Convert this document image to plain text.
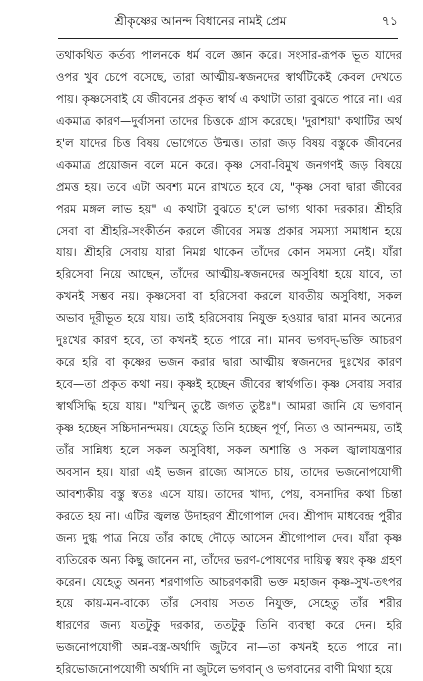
শ্রীকৃষ্ণের আনন্দ বিধানের নামই প্রেম	৭১
তথাকথিত কর্তব্য পালনকে ধর্ম বলে জ্ঞান করে। সংসার-রূপক ভূত যাদের
ওপর খুব চেপে বসেছে, তারা আত্মীয়-স্বজনদের স্বার্থটিকেই কেবল দেখতে
পায়। কৃষ্ণসেবাই যে জীবনের প্রকৃত স্বার্থ এ কথাটা তারা বুঝতে পারে না। এর
একমাত্র কারণ—দুর্বাসনা তাদের চিত্তকে গ্রাস করেছে। 'দুরাশয়া' কথাটির অর্থ
হ'ল যাদের চিত্ত বিষয় ভোগেতে উন্মত্ত। তারা জড় বিষয় বস্তুকে জীবনের
একমাত্র প্রয়োজন বলে মনে করে। কৃষ্ণ সেবা-বিমুখ জনগণই জড় বিষয়ে
প্রমত্ত হয়। তবে এটা অবশ্য মনে রাখতে হবে যে, "কৃষ্ণ সেবা দ্বারা জীবের
পরম মঙ্গল লাভ হয়" এ কথাটা বুঝতে হ'লে ভাগ্য থাকা দরকার। শ্রীহরি
সেবা বা শ্রীহরি-সংকীর্তন করলে জীবের সমস্ত প্রকার সমস্যা সমাধান হয়ে
যায়। শ্রীহরি সেবায় যারা নিমগ্ন থাকেন তাঁদের কোন সমস্যা নেই। যাঁরা
হরিসেবা নিয়ে আছেন, তাঁদের আত্মীয়-স্বজনদের অসুবিধা হয়ে যাবে, তা
কখনই সম্ভব নয়। কৃষ্ণসেবা বা হরিসেবা করলে যাবতীয় অসুবিধা, সকল
অভাব দূরীভূত হয়ে যায়। তাই হরিসেবায় নিযুক্ত হওয়ার দ্বারা মানব অন্যের
দুঃখের কারণ হবে, তা কখনই হতে পারে না। মানব ভগবদ্-ভক্তি আচরণ
করে হরি বা কৃষ্ণের ভজন করার দ্বারা আত্মীয় স্বজনদের দুঃখের কারণ
হবে—তা প্রকৃত কথা নয়। কৃষ্ণই হচ্ছেন জীবের স্বার্থগতি। কৃষ্ণ সেবায় সবার
স্বার্থসিদ্ধি হয়ে যায়। "যস্মিন্ তুষ্টে জগত তুষ্টঃ"। আমরা জানি যে ভগবান্
কৃষ্ণ হচ্ছেন সচ্চিদানন্দময়। যেহেতু তিনি হচ্ছেন পূর্ণ, নিত্য ও আনন্দময়, তাই
তাঁর সান্নিধ্য হলে সকল অসুবিধা, সকল অশান্তি ও সকল জ্বালাযন্ত্রণার
অবসান হয়। যারা এই ভজন রাজ্যে আসতে চায়, তাদের ভজনোপযোগী
আবশ্যকীয় বস্তু স্বতঃ এসে যায়। তাদের খাদ্য, পেয়, বসনাদির কথা চিন্তা
করতে হয় না। এটির জ্বলন্ত উদাহরণ শ্রীগোপাল দেব। শ্রীপাদ মাধবেন্দ্র পুরীর
জন্য দুগ্ধ পাত্র নিয়ে তাঁর কাছে দৌড়ে আসেন শ্রীগোপাল দেব। যাঁরা কৃষ্ণ
ব্যতিরেক অন্য কিছু জানেন না, তাঁদের ভরণ-পোষণের দায়িত্ব স্বয়ং কৃষ্ণ গ্রহণ
করেন। যেহেতু অনন্য শরণাগতি আচরণকারী ভক্ত মহাজন কৃষ্ণ-সুখ-তৎপর
হয়ে কায়-মন-বাক্যে তাঁর সেবায় সতত নিযুক্ত, সেহেতু তাঁর শরীর
ধারণের জন্য যতটুকু দরকার, ততটুকু তিনি ব্যবস্থা করে দেন। হরি
ভজনোপযোগী অন্ন-বস্ত্র-অর্থাদি জুটবে না—তা কখনই হতে পারে না।
হরিভোজনোপযোগী অর্থাদি না জুটলে ভগবান্ ও ভগবানের বাণী মিথ্যা হয়ে
